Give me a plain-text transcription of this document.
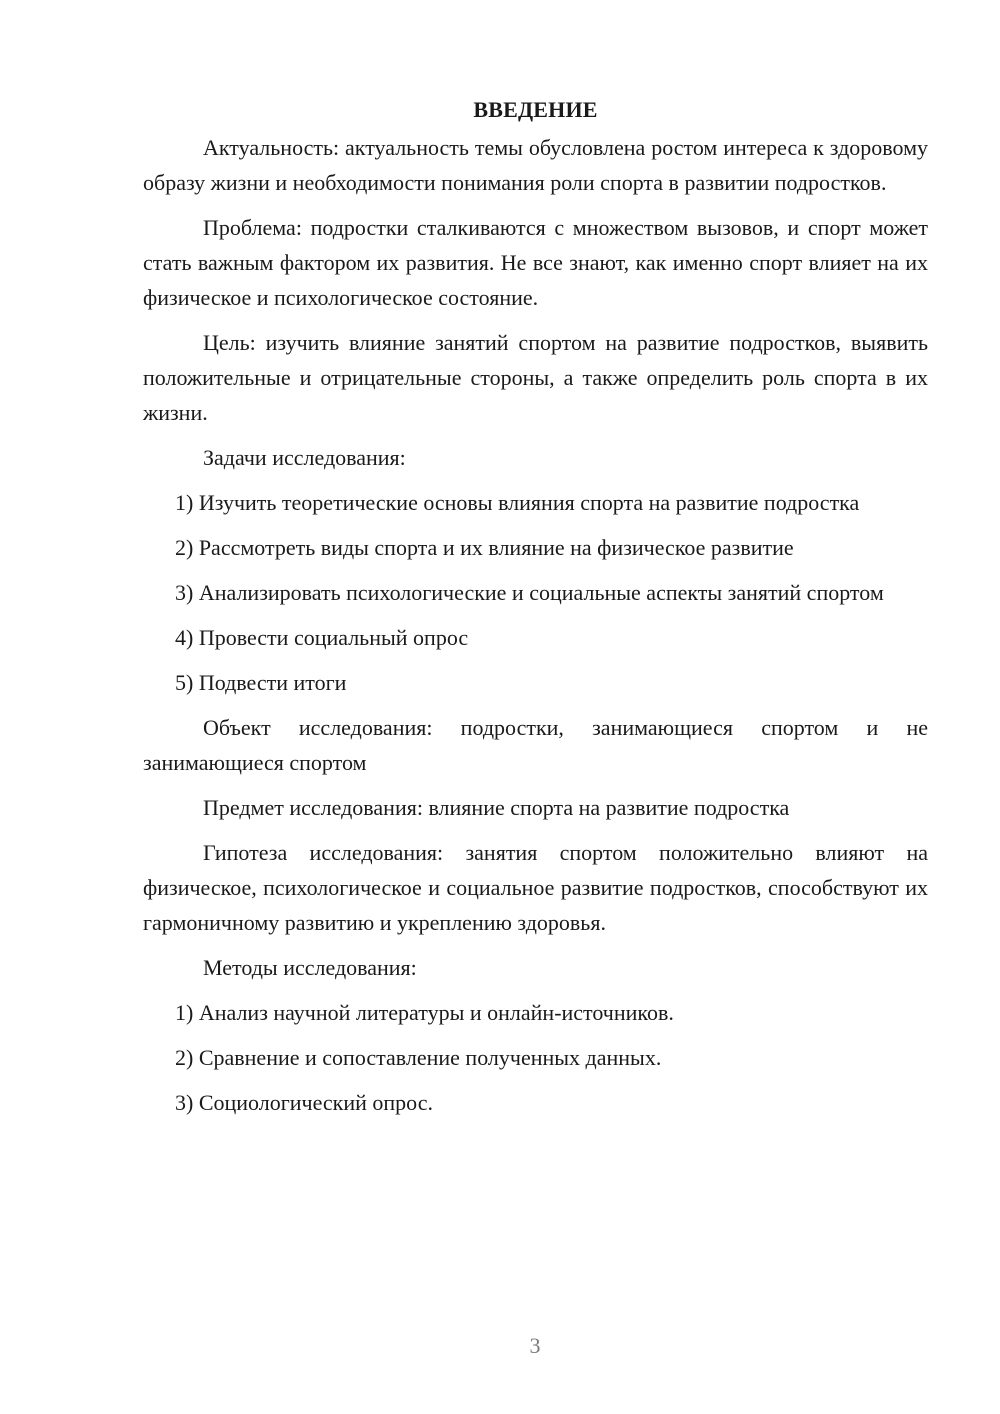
ВВЕДЕНИЕ

Актуальность: актуальность темы обусловлена ростом интереса к здоровому образу жизни и необходимости понимания роли спорта в развитии подростков.

Проблема: подростки сталкиваются с множеством вызовов, и спорт может стать важным фактором их развития. Не все знают, как именно спорт влияет на их физическое и психологическое состояние.

Цель: изучить влияние занятий спортом на развитие подростков, выявить положительные и отрицательные стороны, а также определить роль спорта в их жизни.

Задачи исследования:

1) Изучить теоретические основы влияния спорта на развитие подростка

2) Рассмотреть виды спорта и их влияние на физическое развитие

3) Анализировать психологические и социальные аспекты занятий спортом

4) Провести социальный опрос

5) Подвести итоги

Объект исследования: подростки, занимающиеся спортом и не занимающиеся спортом

Предмет исследования: влияние спорта на развитие подростка

Гипотеза исследования: занятия спортом положительно влияют на физическое, психологическое и социальное развитие подростков, способствуют их гармоничному развитию и укреплению здоровья.

Методы исследования:

1) Анализ научной литературы и онлайн-источников.

2) Сравнение и сопоставление полученных данных.

3) Социологический опрос.

3
